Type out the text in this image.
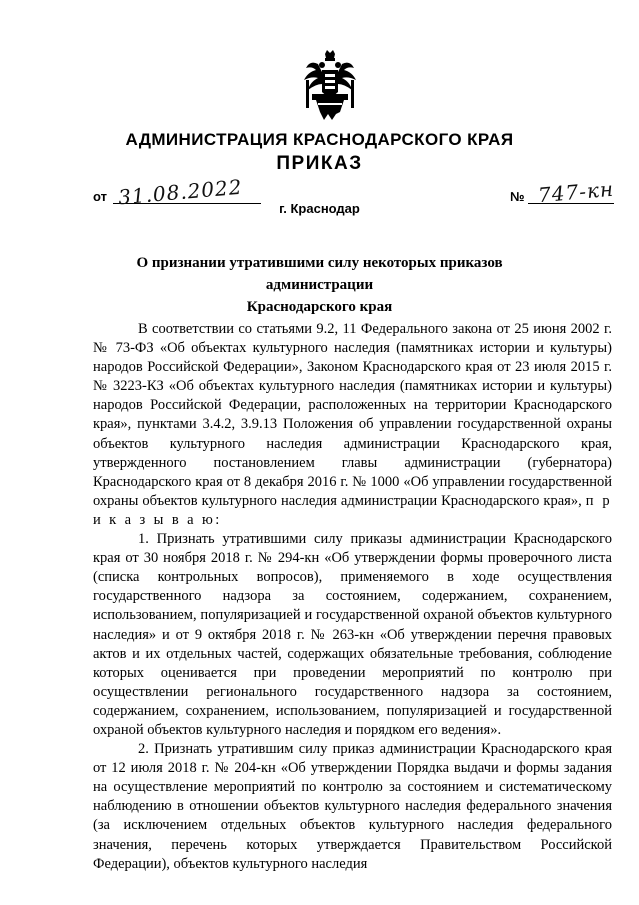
АДМИНИСТРАЦИЯ КРАСНОДАРСКОГО КРАЯ
ПРИКАЗ
от 31.08.2022	№ 747-кн
г. Краснодар
О признании утратившими силу некоторых приказов администрации
Краснодарского края

В соответствии со статьями 9.2, 11 Федерального закона от 25 июня 2002 г. № 73-ФЗ «Об объектах культурного наследия (памятниках истории и культуры) народов Российской Федерации», Законом Краснодарского края от 23 июля 2015 г. № 3223-КЗ «Об объектах культурного наследия (памятниках истории и культуры) народов Российской Федерации, расположенных на территории Краснодарского края», пунктами 3.4.2, 3.9.13 Положения об управлении государственной охраны объектов культурного наследия администрации Краснодарского края, утвержденного постановлением главы администрации (губернатора) Краснодарского края от 8 декабря 2016 г. № 1000 «Об управлении государственной охраны объектов культурного наследия администрации Краснодарского края», п р и к а з ы в а ю:

1. Признать утратившими силу приказы администрации Краснодарского края от 30 ноября 2018 г. № 294-кн «Об утверждении формы проверочного листа (списка контрольных вопросов), применяемого в ходе осуществления государственного надзора за состоянием, содержанием, сохранением, использованием, популяризацией и государственной охраной объектов культурного наследия» и от 9 октября 2018 г. № 263-кн «Об утверждении перечня правовых актов и их отдельных частей, содержащих обязательные требования, соблюдение которых оценивается при проведении мероприятий по контролю при осуществлении регионального государственного надзора за состоянием, содержанием, сохранением, использованием, популяризацией и государственной охраной объектов культурного наследия и порядком его ведения».

2. Признать утратившим силу приказ администрации Краснодарского края от 12 июля 2018 г. № 204-кн «Об утверждении Порядка выдачи и формы задания на осуществление мероприятий по контролю за состоянием и систематическому наблюдению в отношении объектов культурного наследия федерального значения (за исключением отдельных объектов культурного наследия федерального значения, перечень которых утверждается Правительством Российской Федерации), объектов культурного наследия
